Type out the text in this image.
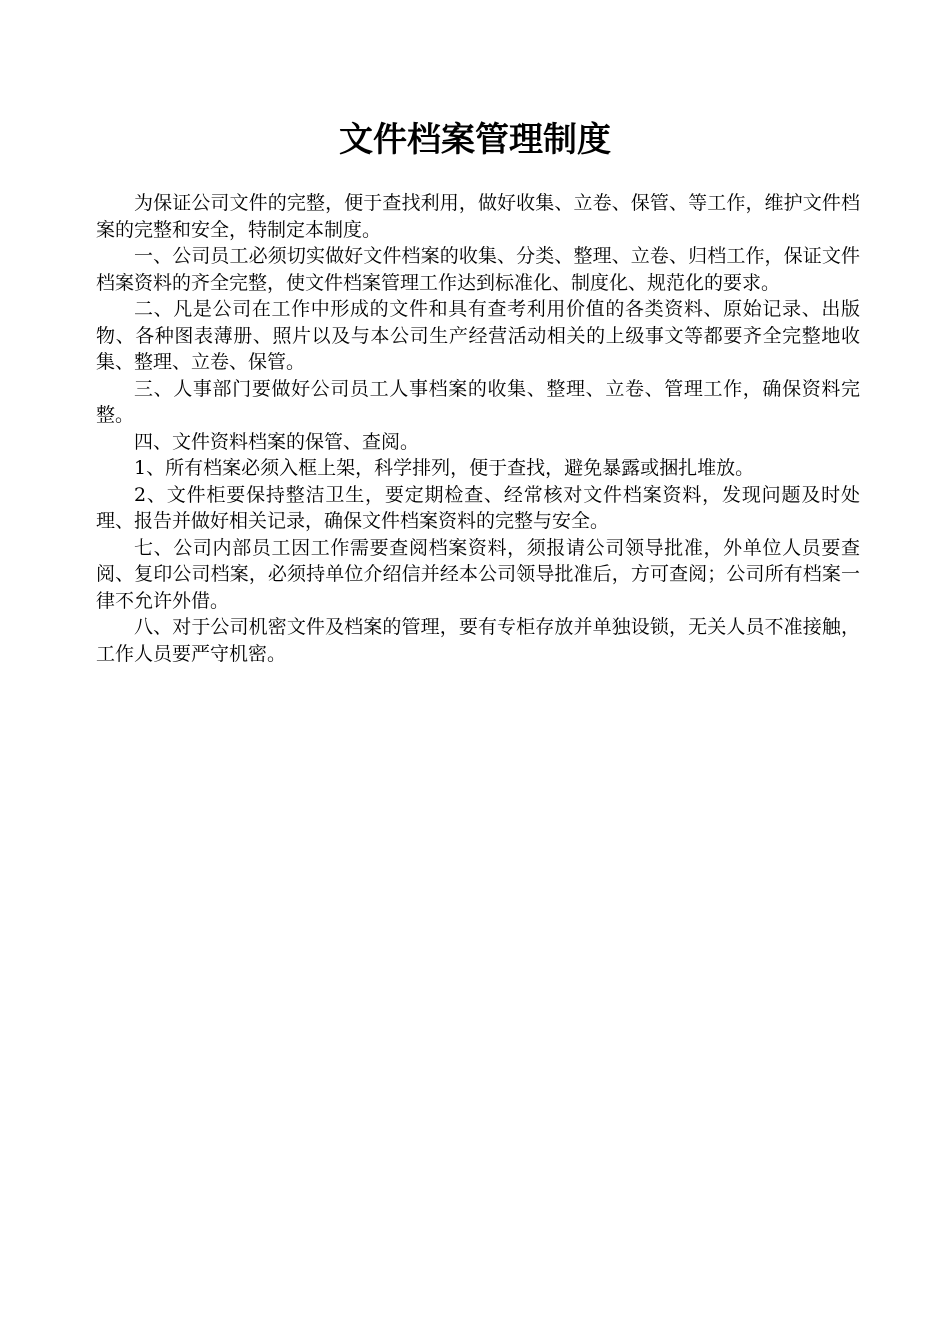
文件档案管理制度

为保证公司文件的完整，便于查找利用，做好收集、立卷、保管、等工作，维护文件档案的完整和安全，特制定本制度。

一、公司员工必须切实做好文件档案的收集、分类、整理、立卷、归档工作，保证文件档案资料的齐全完整，使文件档案管理工作达到标准化、制度化、规范化的要求。

二、凡是公司在工作中形成的文件和具有查考利用价值的各类资料、原始记录、出版物、各种图表薄册、照片以及与本公司生产经营活动相关的上级事文等都要齐全完整地收集、整理、立卷、保管。

三、人事部门要做好公司员工人事档案的收集、整理、立卷、管理工作，确保资料完整。

四、文件资料档案的保管、查阅。

1、所有档案必须入框上架，科学排列，便于查找，避免暴露或捆扎堆放。

2、文件柜要保持整洁卫生，要定期检查、经常核对文件档案资料，发现问题及时处理、报告并做好相关记录，确保文件档案资料的完整与安全。

七、公司内部员工因工作需要查阅档案资料，须报请公司领导批准，外单位人员要查阅、复印公司档案，必须持单位介绍信并经本公司领导批准后，方可查阅；公司所有档案一律不允许外借。

八、对于公司机密文件及档案的管理，要有专柜存放并单独设锁，无关人员不准接触，工作人员要严守机密。
